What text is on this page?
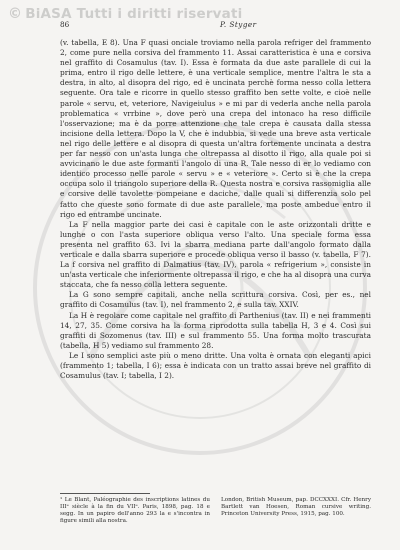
© BiASA Tutti i diritti riservati
86	P. Styger

(v. tabella, E 8). Una F quasi onciale troviamo nella parola refriger del frammento 2, come pure nella corsiva del frammento 11. Assai caratteristica è una e corsiva nel graffito di Cosamulus (tav. I). Essa è formata da due aste parallele di cui la prima, entro il rigo delle lettere, è una verticale semplice, mentre l'altra le sta a destra, in alto, al disopra del rigo, ed è uncinata perchè forma nesso colla lettera seguente. Ora tale e ricorre in quello stesso graffito ben sette volte, e cioè nelle parole « servu, et, veteriore, Navigeiulus » e mi par di vederla anche nella parola problematica « vrrbine », dove però una crepa del intonaco ha reso difficile l'osservazione; ma è da porre attenzione che tale crepa è causata dalla stessa incisione della lettera. Dopo la V, che è indubbia, si vede una breve asta verticale nel rigo delle lettere e al disopra di questa un'altra fortemente uncinata a destra per far nesso con un'asta lunga che oltrepassa al disotto il rigo, alla quale poi si avvicinano le due aste formanti l'angolo di una R. Tale nesso di er lo vediamo con identico processo nelle parole « servu » e « veteriore ». Certo si è che la crepa occupa solo il triangolo superiore della R. Questa nostra e corsiva rassomiglia alle e corsive delle tavolette pompeiane e daciche, dalle quali si differenzia solo pel fatto che queste sono formate di due aste parallele, ma poste ambedue entro il rigo ed entrambe uncinate.

La F nella maggior parte dei casi è capitale con le aste orizzontali dritte e lunghe o con l'asta superiore obliqua verso l'alto. Una speciale forma essa presenta nel graffito 63. Ivi la sbarra mediana parte dall'angolo formato dalla verticale e dalla sbarra superiore e procede obliqua verso il basso (v. tabella, F 7). La f corsiva nel graffito di Dalmatius (tav. IV), parola « refrigerium », consiste in un'asta verticale che inferiormente oltrepassa il rigo, e che ha al disopra una curva staccata, che fa nesso colla lettera seguente.

La G sono sempre capitali, anche nella scrittura corsiva. Così, per es., nel graffito di Cosamulus (tav. I), nel frammento 2, e sulla tav. XXIV.

La H è regolare come capitale nel graffito di Parthenius (tav. II) e nei frammenti 14, 27, 35. Come corsiva ha la forma riprodotta sulla tabella H, 3 e 4. Così sui graffiti di Sozomenus (tav. III) e sul frammento 55. Una forma molto trascurata (tabella, H 5) vediamo sul frammento 28.

Le I sono semplici aste più o meno dritte. Una volta è ornata con eleganti apici (frammento 1; tabella, I 6); essa è indicata con un tratto assai breve nel graffito di Cosamulus (tav. I; tabella, I 2).

¹ Le Blant, Paléographie des inscriptions latines du IIIᵉ siècle à la fin du VIIᵉ. Paris, 1898, pag. 18 e segg. In un papiro dell'anno 293 la e s'incontra in figure simili alla nostra.
London, British Museum, pap. DCCXXXI. Cfr. Henry Bartlett van Hoesen, Roman cursive writing. Princeton University Press, 1915, pag. 100.
